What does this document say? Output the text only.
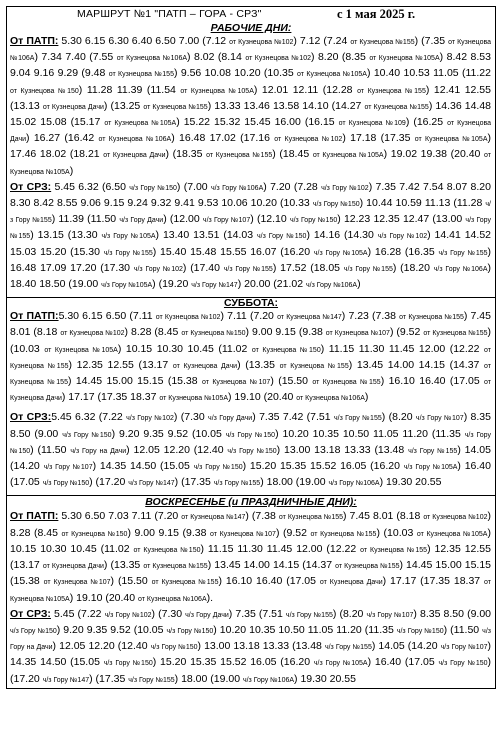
МАРШРУТ №1 "ПАТП – ГОРА - СРЗ"	с 1 мая 2025 г.
РАБОЧИЕ ДНИ:

От ПАТП: 5.30 6.15 6.30 6.40 6.50 7.00 (7.12 от Кузнецова №102) 7.12 (7.24 от Кузнецова №155) (7.35 от Кузнецова №106А) 7.34 7.40 (7.55 от Кузнецова №106А) 8.02 (8.14 от Кузнецова №102) 8.20 (8.35 от Кузнецова №105А) 8.42 8.53 9.04 9.16 9.29 (9.48 от Кузнецова №155) 9.56 10.08 10.20 (10.35 от Кузнецова №105А) 10.40 10.53 11.05 (11.22 от Кузнецова №150) 11.28 11.39 (11.54 от Кузнецова №105А) 12.01 12.11 (12.28 от Кузнецова №155) 12.41 12.55 (13.13 от Кузнецова Дачи) (13.25 от Кузнецова №155) 13.33 13.46 13.58 14.10 (14.27 от Кузнецова №155) 14.36 14.48 15.02 15.08 (15.17 от Кузнецова №105А) 15.22 15.32 15.45 16.00 (16.15 от Кузнецова №109) (16.25 от Кузнецова Дачи) 16.27 (16.42 от Кузнецова №106А) 16.48 17.02 (17.16 от Кузнецова №102) 17.18 (17.35 от Кузнецова №105А) 17.46 18.02 (18.21 от Кузнецова Дачи) (18.35 от Кузнецова №155) (18.45 от Кузнецова №105А) 19.02 19.38 (20.40 от Кузнецова №105А)

От СРЗ: 5.45 6.32 (6.50 ч/з Гору №150) (7.00 ч/з Гору №106А) 7.20 (7.28 ч/з Гору №102) 7.35 7.42 7.54 8.07 8.20 8.30 8.42 8.55 9.06 9.15 9.24 9.32 9.41 9.53 10.06 10.20 (10.33 ч/з Гору №150) 10.44 10.59 11.13 (11.28 ч/з Гору №155) 11.39 (11.50 ч/з Гору Дачи) (12.00 ч/з Гору №107) (12.10 ч/з Гору №150) 12.23 12.35 12.47 (13.00 ч/з Гору №155) 13.15 (13.30 ч/з Гору №105А) 13.40 13.51 (14.03 ч/з Гору №150) 14.16 (14.30 ч/з Гору №102) 14.41 14.52 15.03 15.20 (15.30 ч/з Гору №155) 15.40 15.48 15.55 16.07 (16.20 ч/з Гору №105А) 16.28 (16.35 ч/з Гору №155) 16.48 17.09 17.20 (17.30 ч/з Гору №102) (17.40 ч/з Гору №155) 17.52 (18.05 ч/з Гору №155) (18.20 ч/з Гору №106А) 18.40 18.50 (19.00 ч/з Гору №105А) (19.20 ч/з Гору №147) 20.00 (21.02 ч/з Гору №106А)

СУББОТА:

От ПАТП:5.30 6.15 6.50 (7.11 от Кузнецова №102) 7.11 (7.20 от Кузнецова №147) 7.23 (7.38 от Кузнецова №155) 7.45 8.01 (8.18 от Кузнецова №102) 8.28 (8.45 от Кузнецова №150) 9.00 9.15 (9.38 от Кузнецова №107) (9.52 от Кузнецова №155) (10.03 от Кузнецова №105А) 10.15 10.30 10.45 (11.02 от Кузнецова №150) 11.15 11.30 11.45 12.00 (12.22 от Кузнецова №155) 12.35 12.55 (13.17 от Кузнецова Дачи) (13.35 от Кузнецова №155) 13.45 14.00 14.15 (14.37 от Кузнецова №155) 14.45 15.00 15.15 (15.38 от Кузнецова №107) (15.50 от Кузнецова №155) 16.10 16.40 (17.05 от Кузнецова Дачи) 17.17 (17.35 18.37 от Кузнецова №105А) 19.10 (20.40 от Кузнецова №106А)

От СРЗ:5.45 6.32 (7.22 ч/з Гору №102) (7.30 ч/з Гору Дачи) 7.35 7.42 (7.51 ч/з Гору №155) (8.20 ч/з Гору №107) 8.35 8.50 (9.00 ч/з Гору №150) 9.20 9.35 9.52 (10.05 ч/з Гору №150) 10.20 10.35 10.50 11.05 11.20 (11.35 ч/з Гору №150) (11.50 ч/з Гору на Дачи) 12.05 12.20 (12.40 ч/з Гору №150) 13.00 13.18 13.33 (13.48 ч/з Гору №155) 14.05 (14.20 ч/з Гору №107) 14.35 14.50 (15.05 ч/з Гору №150) 15.20 15.35 15.52 16.05 (16.20 ч/з Гору №105А) 16.40 (17.05 ч/з Гору №150) (17.20 ч/з Гору №147) (17.35 ч/з Гору №155) 18.00 (19.00 ч/з Гору №106А) 19.30 20.55

ВОСКРЕСЕНЬЕ (и ПРАЗДНИЧНЫЕ ДНИ):

От ПАТП: 5.30 6.50 7.03 7.11 (7.20 от Кузнецова №147) (7.38 от Кузнецова №155) 7.45 8.01 (8.18 от Кузнецова №102) 8.28 (8.45 от Кузнецова №150) 9.00 9.15 (9.38 от Кузнецова №107) (9.52 от Кузнецова №155) (10.03 от Кузнецова №105А) 10.15 10.30 10.45 (11.02 от Кузнецова №150) 11.15 11.30 11.45 12.00 (12.22 от Кузнецова №155) 12.35 12.55 (13.17 от Кузнецова Дачи) (13.35 от Кузнецова №155) 13.45 14.00 14.15 (14.37 от Кузнецова №155) 14.45 15.00 15.15 (15.38 от Кузнецова №107) (15.50 от Кузнецова №155) 16.10 16.40 (17.05 от Кузнецова Дачи) 17.17 (17.35 18.37 от Кузнецова №105А) 19.10 (20.40 от Кузнецова №106А).

От СРЗ: 5.45 (7.22 ч/з Гору №102) (7.30 ч/з Гору Дачи) 7.35 (7.51 ч/з Гору №155) (8.20 ч/з Гору №107) 8.35 8.50 (9.00 ч/з Гору №150) 9.20 9.35 9.52 (10.05 ч/з Гору №150) 10.20 10.35 10.50 11.05 11.20 (11.35 ч/з Гору №150) (11.50 ч/з Гору на Дачи) 12.05 12.20 (12.40 ч/з Гору №150) 13.00 13.18 13.33 (13.48 ч/з Гору №155) 14.05 (14.20 ч/з Гору №107) 14.35 14.50 (15.05 ч/з Гору №150) 15.20 15.35 15.52 16.05 (16.20 ч/з Гору №105А) 16.40 (17.05 ч/з Гору №150) (17.20 ч/з Гору №147) (17.35 ч/з Гору №155) 18.00 (19.00 ч/з Гору №106А) 19.30 20.55
